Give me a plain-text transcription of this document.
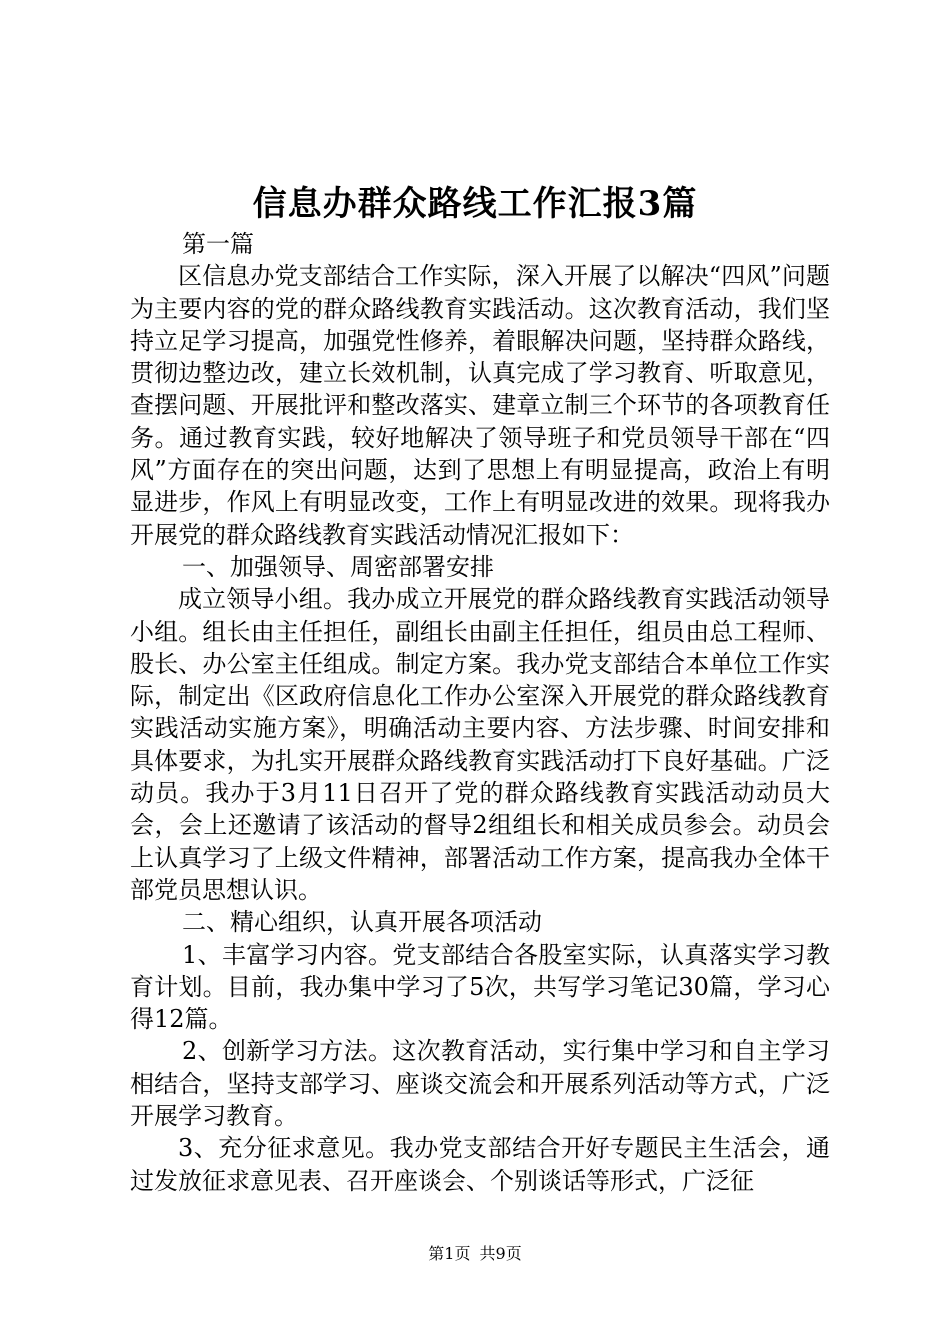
信息办群众路线工作汇报3篇

第一篇

区信息办党支部结合工作实际，深入开展了以解决“四风”问题为主要内容的党的群众路线教育实践活动。这次教育活动，我们坚持立足学习提高，加强党性修养，着眼解决问题，坚持群众路线，贯彻边整边改，建立长效机制，认真完成了学习教育、听取意见，查摆问题、开展批评和整改落实、建章立制三个环节的各项教育任务。通过教育实践，较好地解决了领导班子和党员领导干部在“四风”方面存在的突出问题，达到了思想上有明显提高，政治上有明显进步，作风上有明显改变，工作上有明显改进的效果。现将我办开展党的群众路线教育实践活动情况汇报如下：

一、加强领导、周密部署安排

成立领导小组。我办成立开展党的群众路线教育实践活动领导小组。组长由主任担任，副组长由副主任担任，组员由总工程师、股长、办公室主任组成。制定方案。我办党支部结合本单位工作实际，制定出《区政府信息化工作办公室深入开展党的群众路线教育实践活动实施方案》，明确活动主要内容、方法步骤、时间安排和具体要求，为扎实开展群众路线教育实践活动打下良好基础。广泛动员。我办于3月11日召开了党的群众路线教育实践活动动员大会，会上还邀请了该活动的督导2组组长和相关成员参会。动员会上认真学习了上级文件精神，部署活动工作方案，提高我办全体干部党员思想认识。

二、精心组织，认真开展各项活动

1、丰富学习内容。党支部结合各股室实际，认真落实学习教育计划。目前，我办集中学习了5次，共写学习笔记30篇，学习心得12篇。

2、创新学习方法。这次教育活动，实行集中学习和自主学习相结合，坚持支部学习、座谈交流会和开展系列活动等方式，广泛开展学习教育。

3、充分征求意见。我办党支部结合开好专题民主生活会，通过发放征求意见表、召开座谈会、个别谈话等形式，广泛征

第1页 共9页
